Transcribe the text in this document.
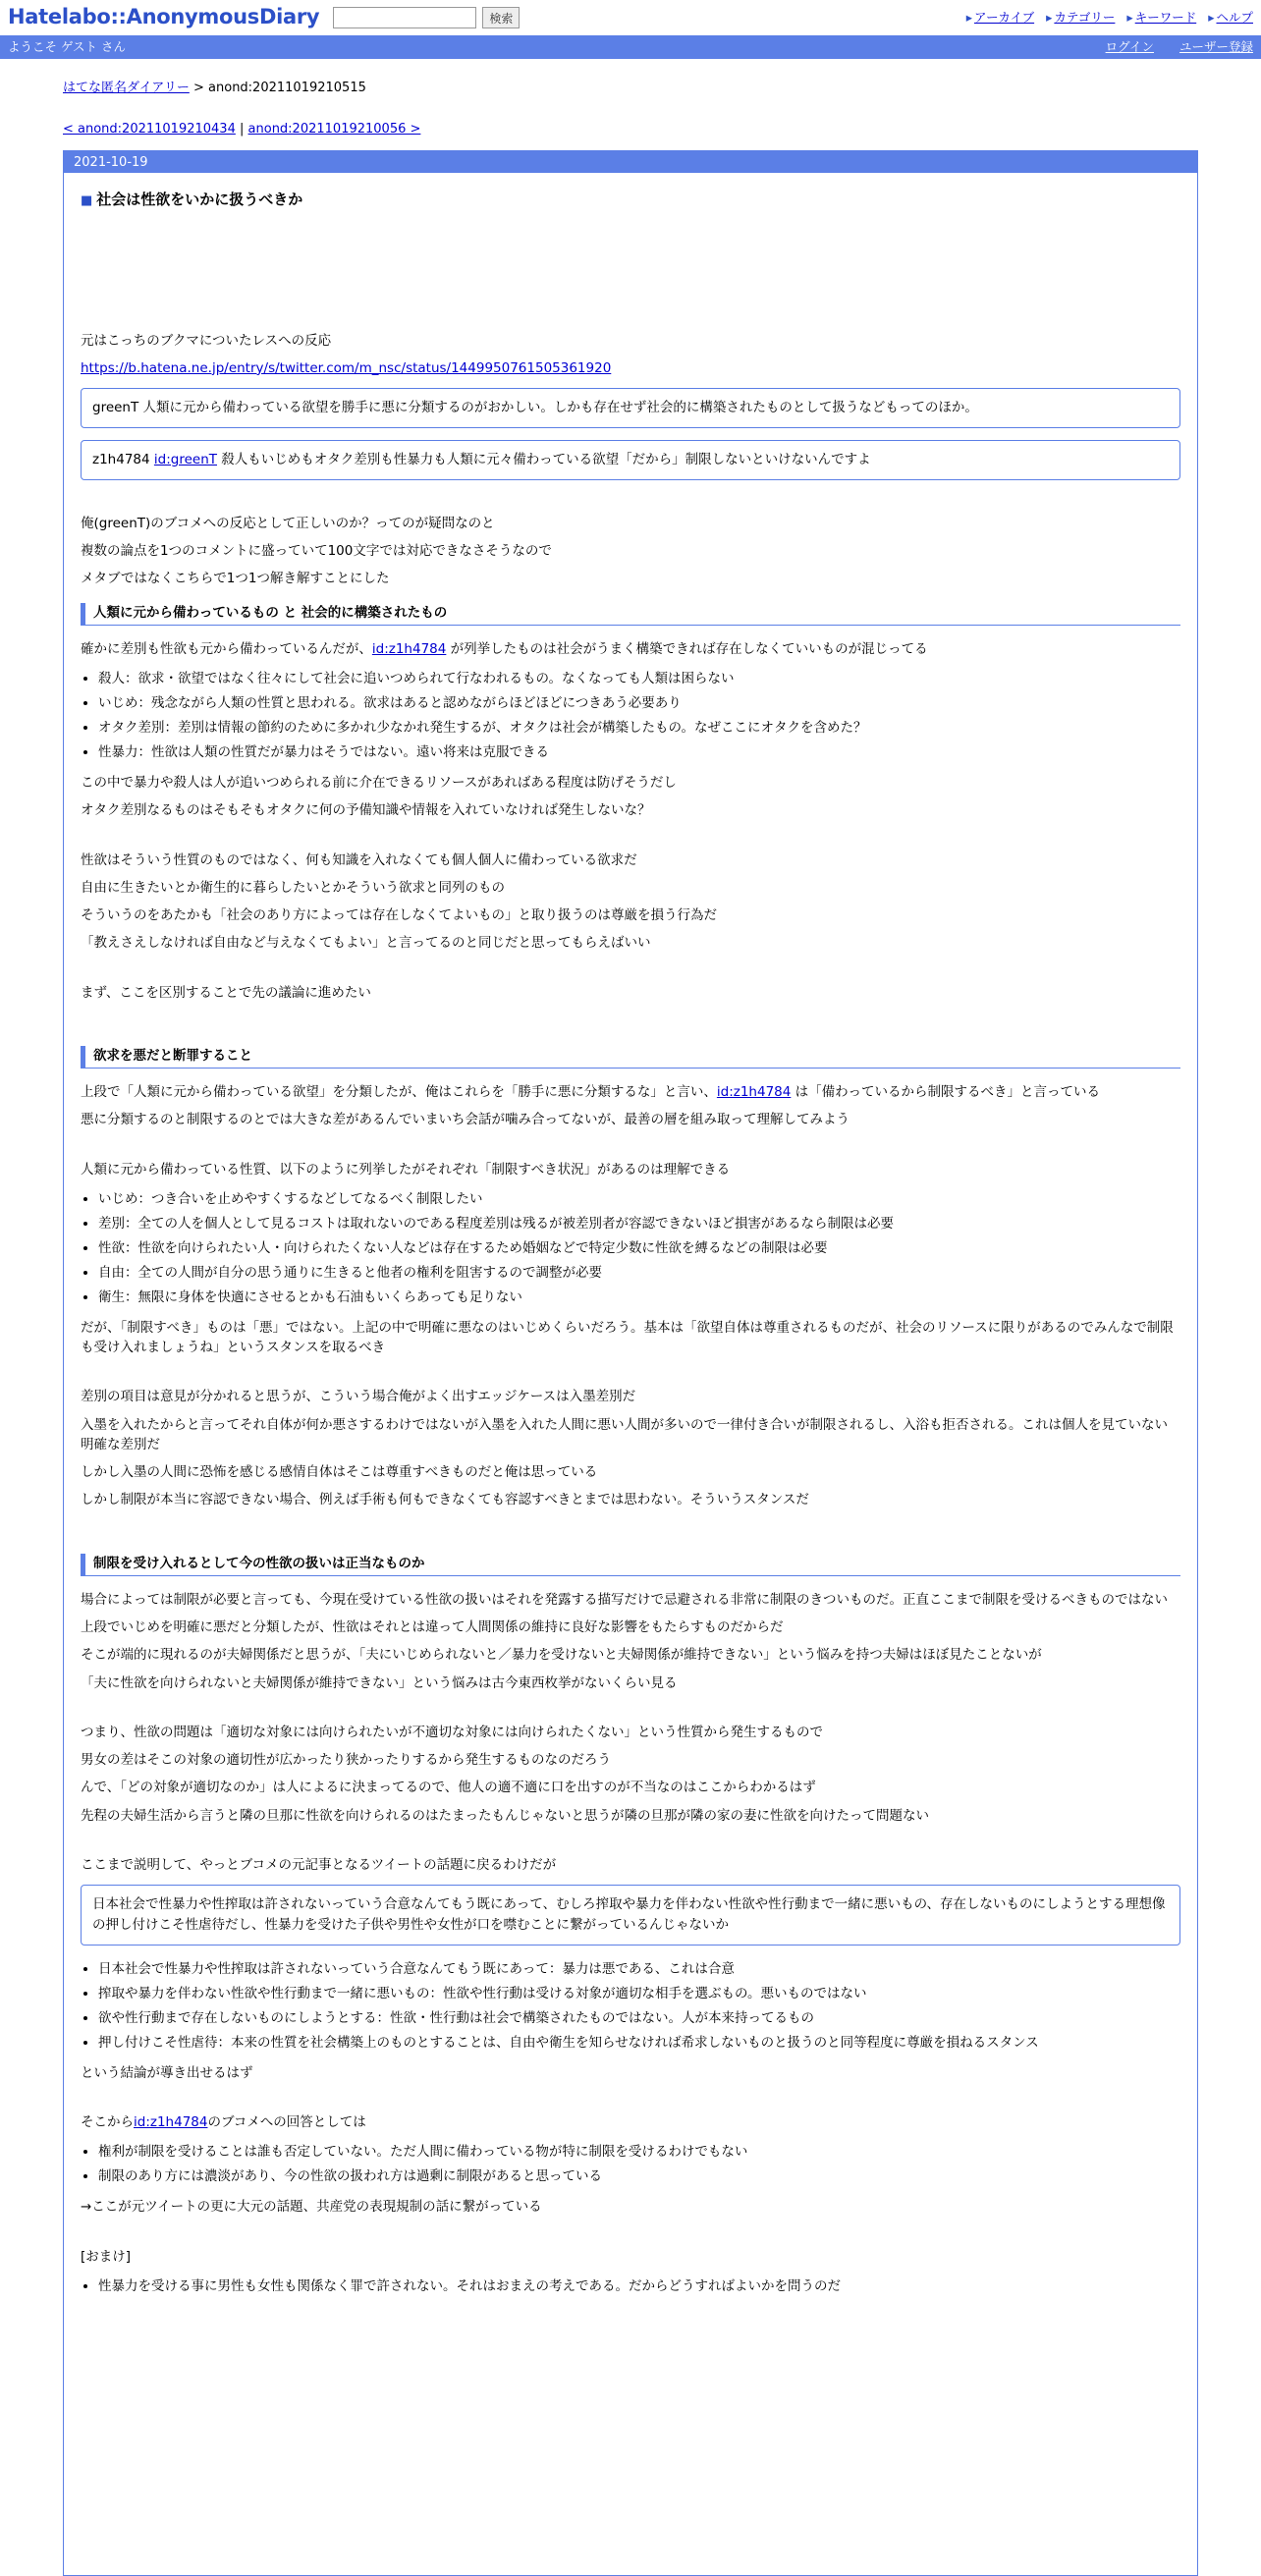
Hatelabo::AnonymousDiary	検索	▸ アーカイブ	▸ カテゴリー	▸ キーワード	▸ ヘルプ
ようこそ ゲスト さん	ログイン ユーザー登録
はてな匿名ダイアリー > anond:20211019210515
< anond:20211019210434 | anond:20211019210056 >
2021-10-19
■ 社会は性欲をいかに扱うべきか

元はこっちのブクマについたレスへの反応

https://b.hatena.ne.jp/entry/s/twitter.com/m_nsc/status/1449950761505361920

greenT 人類に元から備わっている欲望を勝手に悪に分類するのがおかしい。しかも存在せず社会的に構築されたものとして扱うなどもってのほか。
z1h4784 id:greenT 殺人もいじめもオタク差別も性暴力も人類に元々備わっている欲望「だから」制限しないといけないんですよ

俺(greenT)のブコメへの反応として正しいのか？ってのが疑問なのと

複数の論点を1つのコメントに盛っていて100文字では対応できなさそうなので

メタブではなくこちらで1つ1つ解き解すことにした

人類に元から備わっているもの と 社会的に構築されたもの

確かに差別も性欲も元から備わっているんだが、id:z1h4784 が列挙したものは社会がうまく構築できれば存在しなくていいものが混じってる

• 殺人：欲求・欲望ではなく往々にして社会に追いつめられて行なわれるもの。なくなっても人類は困らない
• いじめ：残念ながら人類の性質と思われる。欲求はあると認めながらほどほどにつきあう必要あり
• オタク差別：差別は情報の節約のために多かれ少なかれ発生するが、オタクは社会が構築したもの。なぜここにオタクを含めた？
• 性暴力：性欲は人類の性質だが暴力はそうではない。遠い将来は克服できる

この中で暴力や殺人は人が追いつめられる前に介在できるリソースがあればある程度は防げそうだし

オタク差別なるものはそもそもオタクに何の予備知識や情報を入れていなければ発生しないな？

性欲はそういう性質のものではなく、何も知識を入れなくても個人個人に備わっている欲求だ

自由に生きたいとか衛生的に暮らしたいとかそういう欲求と同列のもの

そういうのをあたかも「社会のあり方によっては存在しなくてよいもの」と取り扱うのは尊厳を損う行為だ

「教えさえしなければ自由など与えなくてもよい」と言ってるのと同じだと思ってもらえばいい

まず、ここを区別することで先の議論に進めたい

欲求を悪だと断罪すること

上段で「人類に元から備わっている欲望」を分類したが、俺はこれらを「勝手に悪に分類するな」と言い、id:z1h4784 は「備わっているから制限するべき」と言っている

悪に分類するのと制限するのとでは大きな差があるんでいまいち会話が噛み合ってないが、最善の層を組み取って理解してみよう

人類に元から備わっている性質、以下のように列挙したがそれぞれ「制限すべき状況」があるのは理解できる

• いじめ：つき合いを止めやすくするなどしてなるべく制限したい
• 差別：全ての人を個人として見るコストは取れないのである程度差別は残るが被差別者が容認できないほど損害があるなら制限は必要
• 性欲：性欲を向けられたい人・向けられたくない人などは存在するため婚姻などで特定少数に性欲を縛るなどの制限は必要
• 自由：全ての人間が自分の思う通りに生きると他者の権利を阻害するので調整が必要
• 衛生：無限に身体を快適にさせるとかも石油もいくらあっても足りない

だが、「制限すべき」ものは「悪」ではない。上記の中で明確に悪なのはいじめくらいだろう。基本は「欲望自体は尊重されるものだが、社会のリソースに限りがあるのでみんなで制限も受け入れましょうね」というスタンスを取るべき

差別の項目は意見が分かれると思うが、こういう場合俺がよく出すエッジケースは入墨差別だ

入墨を入れたからと言ってそれ自体が何か悪さするわけではないが入墨を入れた人間に悪い人間が多いので一律付き合いが制限されるし、入浴も拒否される。これは個人を見ていない明確な差別だ

しかし入墨の人間に恐怖を感じる感情自体はそこは尊重すべきものだと俺は思っている

しかし制限が本当に容認できない場合、例えば手術も何もできなくても容認すべきとまでは思わない。そういうスタンスだ

制限を受け入れるとして今の性欲の扱いは正当なものか

場合によっては制限が必要と言っても、今現在受けている性欲の扱いはそれを発露する描写だけで忌避される非常に制限のきついものだ。正直ここまで制限を受けるべきものではない

上段でいじめを明確に悪だと分類したが、性欲はそれとは違って人間関係の維持に良好な影響をもたらすものだからだ

そこが端的に現れるのが夫婦関係だと思うが、「夫にいじめられないと／暴力を受けないと夫婦関係が維持できない」という悩みを持つ夫婦はほぼ見たことないが

「夫に性欲を向けられないと夫婦関係が維持できない」という悩みは古今東西枚挙がないくらい見る

つまり、性欲の問題は「適切な対象には向けられたいが不適切な対象には向けられたくない」という性質から発生するもので

男女の差はそこの対象の適切性が広かったり狭かったりするから発生するものなのだろう

んで、「どの対象が適切なのか」は人によるに決まってるので、他人の適不適に口を出すのが不当なのはここからわかるはず

先程の夫婦生活から言うと隣の旦那に性欲を向けられるのはたまったもんじゃないと思うが隣の旦那が隣の家の妻に性欲を向けたって問題ない

ここまで説明して、やっとブコメの元記事となるツイートの話題に戻るわけだが

日本社会で性暴力や性搾取は許されないっていう合意なんてもう既にあって、むしろ搾取や暴力を伴わない性欲や性行動まで一緒に悪いもの、存在しないものにしようとする理想像の押し付けこそ性虐待だし、性暴力を受けた子供や男性や女性が口を噤むことに繋がっているんじゃないか
• 日本社会で性暴力や性搾取は許されないっていう合意なんてもう既にあって：暴力は悪である、これは合意
• 搾取や暴力を伴わない性欲や性行動まで一緒に悪いもの：性欲や性行動は受ける対象が適切な相手を選ぶもの。悪いものではない
• 欲や性行動まで存在しないものにしようとする：性欲・性行動は社会で構築されたものではない。人が本来持ってるもの
• 押し付けこそ性虐待：本来の性質を社会構築上のものとすることは、自由や衛生を知らせなければ希求しないものと扱うのと同等程度に尊厳を損ねるスタンス

という結論が導き出せるはず

そこからid:z1h4784のブコメへの回答としては

• 権利が制限を受けることは誰も否定していない。ただ人間に備わっている物が特に制限を受けるわけでもない
• 制限のあり方には濃淡があり、今の性欲の扱われ方は過剰に制限があると思っている

→ここが元ツイートの更に大元の話題、共産党の表現規制の話に繋がっている

[おまけ]

• 性暴力を受ける事に男性も女性も関係なく罪で許されない。それはおまえの考えである。だからどうすればよいかを問うのだ
